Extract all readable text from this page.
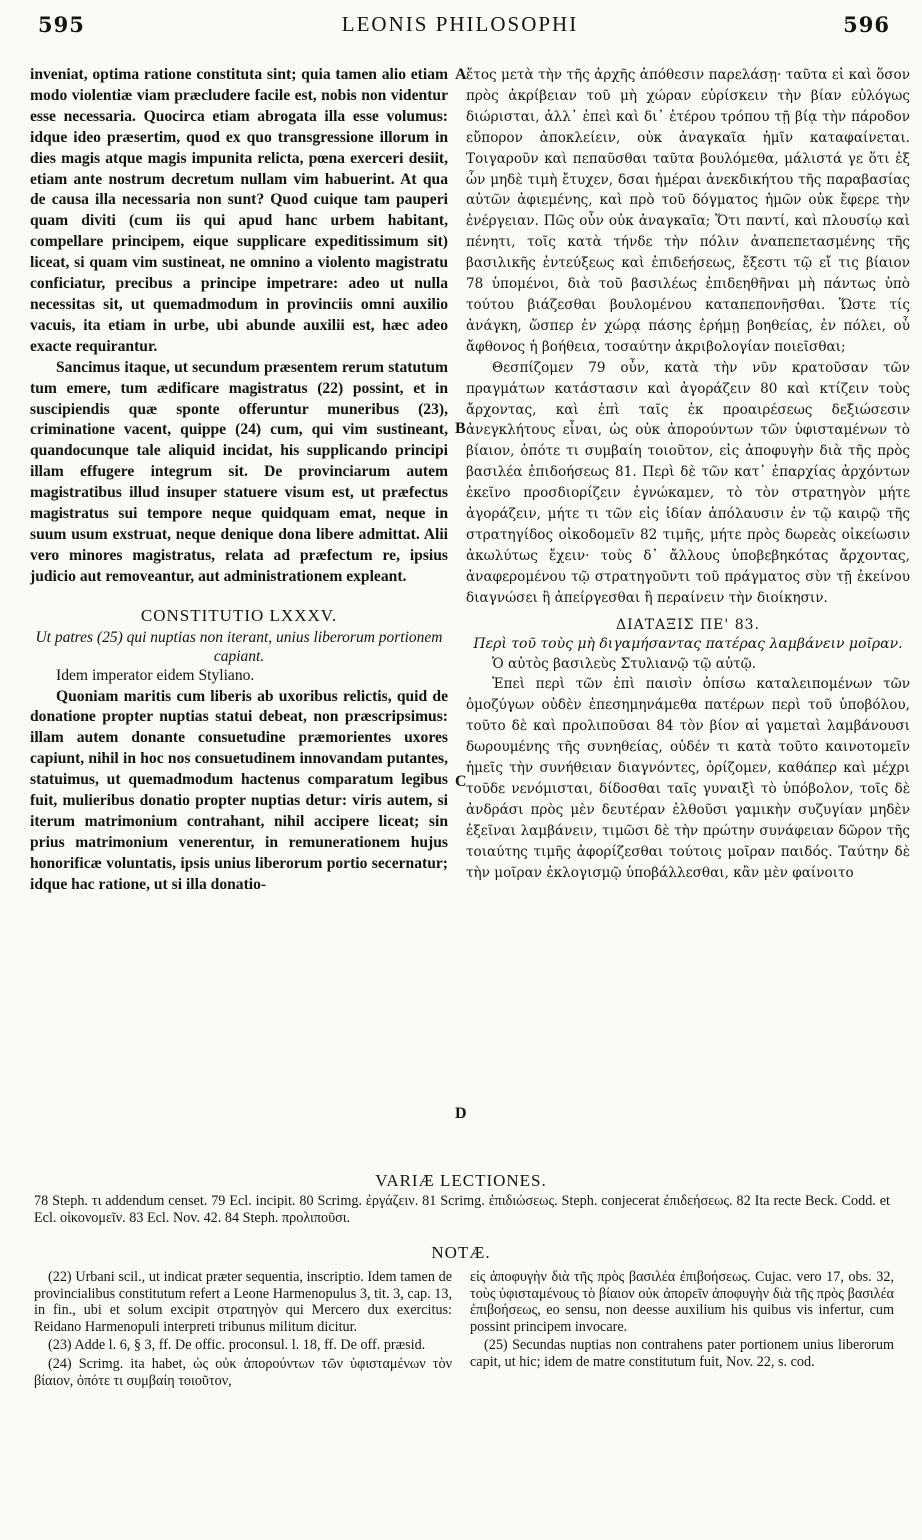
595	LEONIS PHILOSOPHI	596
A
B
C
D

inveniat, optima ratione constituta sint; quia tamen alio etiam modo violentiæ viam præcludere facile est, nobis non videntur esse necessaria. Quocirca etiam abrogata illa esse volumus: idque ideo præsertim, quod ex quo transgressione illorum in dies magis atque magis impunita relicta, pœna exerceri desiit, etiam ante nostrum decretum nullam vim habuerint. At qua de causa illa necessaria non sunt? Quod cuique tam pauperi quam diviti (cum iis qui apud hanc urbem habitant, compellare principem, eique supplicare expeditissimum sit) liceat, si quam vim sustineat, ne omnino a violento magistratu conficiatur, precibus a principe impetrare: adeo ut nulla necessitas sit, ut quemadmodum in provinciis omni auxilio vacuis, ita etiam in urbe, ubi abunde auxilii est, hæc adeo exacte requirantur.

Sancimus itaque, ut secundum præsentem rerum statutum tum emere, tum ædificare magistratus (22) possint, et in suscipiendis quæ sponte offeruntur muneribus (23), criminatione vacent, quippe (24) cum, qui vim sustineant, quandocunque tale aliquid incidat, his supplicando principi illam effugere integrum sit. De provinciarum autem magistratibus illud insuper statuere visum est, ut præfectus magistratus sui tempore neque quidquam emat, neque in suum usum exstruat, neque denique dona libere admittat. Alii vero minores magistratus, relata ad præfectum re, ipsius judicio aut removeantur, aut administrationem expleant.

CONSTITUTIO LXXXV.
Ut patres (25) qui nuptias non iterant, unius liberorum portionem capiant.

Idem imperator eidem Styliano.

Quoniam maritis cum liberis ab uxoribus relictis, quid de donatione propter nuptias statui debeat, non præscripsimus: illam autem donante consuetudine præmorientes uxores capiunt, nihil in hoc nos consuetudinem innovandam putantes, statuimus, ut quemadmodum hactenus comparatum legibus fuit, mulieribus donatio propter nuptias detur: viris autem, si iterum matrimonium contrahant, nihil accipere liceat; sin prius matrimonium venerentur, in remunerationem hujus honorificæ voluntatis, ipsis unius liberorum portio secernatur; idque hac ratione, ut si illa donatio-

ἔτος μετὰ τὴν τῆς ἀρχῆς ἀπόθεσιν παρελάσῃ· ταῦτα εἰ καὶ ὅσον πρὸς ἀκρίβειαν τοῦ μὴ χώραν εὑρίσκειν τὴν βίαν εὐλόγως διώρισται, ἀλλ᾽ ἐπεὶ καὶ δι᾽ ἑτέρου τρόπου τῇ βίᾳ τὴν πάροδον εὔπορον ἀποκλείειν, οὐκ ἀναγκαῖα ἡμῖν καταφαίνεται. Τοιγαροῦν καὶ πεπαῦσθαι ταῦτα βουλόμεθα, μάλιστά γε ὅτι ἐξ ὧν μηδὲ τιμὴ ἔτυχεν, δσαι ἡμέραι ἀνεκδικήτου τῆς παραβασίας αὐτῶν ἀφιεμένης, καὶ πρὸ τοῦ δόγματος ἡμῶν οὐκ ἔφερε τὴν ἐνέργειαν. Πῶς οὖν οὐκ ἀναγκαῖα; Ὅτι παντί, καὶ πλουσίῳ καὶ πένητι, τοῖς κατὰ τήνδε τὴν πόλιν ἀναπεπετασμένης τῆς βασιλικῆς ἐντεύξεως καὶ ἐπιδεήσεως, ἔξεστι τῷ εἴ τις βίαιον 78 ὑπομένοι, διὰ τοῦ βασιλέως ἐπιδεηθῆναι μὴ πάντως ὑπὸ τούτου βιάζεσθαι βουλομένου καταπεπονῆσθαι. Ὥστε τίς ἀνάγκη, ὥσπερ ἐν χώρᾳ πάσης ἐρήμῃ βοηθείας, ἐν πόλει, οὗ ἄφθονος ἡ βοήθεια, τοσαύτην ἀκριβολογίαν ποιεῖσθαι;

Θεσπίζομεν 79 οὖν, κατὰ τὴν νῦν κρατοῦσαν τῶν πραγμάτων κατάστασιν καὶ ἀγοράζειν 80 καὶ κτίζειν τοὺς ἄρχοντας, καὶ ἐπὶ ταῖς ἐκ προαιρέσεως δεξιώσεσιν ἀνεγκλήτους εἶναι, ὡς οὐκ ἀπορούντων τῶν ὑφισταμένων τὸ βίαιον, ὁπότε τι συμβαίη τοιοῦτον, εἰς ἀποφυγὴν διὰ τῆς πρὸς βασιλέα ἐπιδοήσεως 81. Περὶ δὲ τῶν κατ᾽ ἐπαρχίας ἀρχόντων ἐκεῖνο προσδιορίζειν ἐγνώκαμεν, τὸ τὸν στρατηγὸν μήτε ἀγοράζειν, μήτε τι τῶν εἰς ἰδίαν ἀπόλαυσιν ἐν τῷ καιρῷ τῆς στρατηγίδος οἰκοδομεῖν 82 τιμῆς, μήτε πρὸς δωρεὰς οἰκείωσιν ἀκωλύτως ἔχειν· τοὺς δ᾽ ἄλλους ὑποβεβηκότας ἄρχοντας, ἀναφερομένου τῷ στρατηγοῦντι τοῦ πράγματος σὺν τῇ ἐκείνου διαγνώσει ἢ ἀπείργεσθαι ἢ περαίνειν τὴν διοίκησιν.

ΔΙΑΤΑΞΙΣ ΠΕ' 83.
Περὶ τοῦ τοὺς μὴ διγαμήσαντας πατέρας λαμβάνειν μοῖραν.

Ὁ αὐτὸς βασιλεὺς Στυλιανῷ τῷ αὐτῷ.

Ἐπεὶ περὶ τῶν ἐπὶ παισὶν ὀπίσω καταλειπομένων τῶν ὁμοζύγων οὐδὲν ἐπεσημηνάμεθα πατέρων περὶ τοῦ ὑποβόλου, τοῦτο δὲ καὶ προλιποῦσαι 84 τὸν βίον αἱ γαμεταὶ λαμβάνουσι δωρουμένης τῆς συνηθείας, οὐδέν τι κατὰ τοῦτο καινοτομεῖν ἡμεῖς τὴν συνήθειαν διαγνόντες, ὁρίζομεν, καθάπερ καὶ μέχρι τοῦδε νενόμισται, δίδοσθαι ταῖς γυναιξὶ τὸ ὑπόβολον, τοῖς δὲ ἀνδράσι πρὸς μὲν δευτέραν ἐλθοῦσι γαμικὴν συζυγίαν μηδὲν ἐξεῖναι λαμβάνειν, τιμῶσι δὲ τὴν πρώτην συνάφειαν δῶρον τῆς τοιαύτης τιμῆς ἀφορίζεσθαι τούτοις μοῖραν παιδός. Ταύτην δὲ τὴν μοῖραν ἐκλογισμῷ ὑποβάλλεσθαι, κἂν μὲν φαίνοιτο

VARIÆ LECTIONES.
78 Steph. τι addendum censet. 79 Ecl. incipit. 80 Scrimg. ἐργάζειν. 81 Scrimg. ἐπιδιώσεως. Steph. conjecerat ἐπιδεήσεως. 82 Ita recte Beck. Codd. et Ecl. οἰκονομεῖν. 83 Ecl. Nov. 42. 84 Steph. προλιποῦσι.
NOTÆ.

(22) Urbani scil., ut indicat præter sequentia, inscriptio. Idem tamen de provincialibus constitutum refert a Leone Harmenopulus 3, tit. 3, cap. 13, in fin., ubi et solum excipit στρατηγὸν qui Mercero dux exercitus: Reidano Harmenopuli interpreti tribunus militum dicitur.

(23) Adde l. 6, § 3, ff. De offic. proconsul. l. 18, ff. De off. præsid.

(24) Scrimg. ita habet, ὡς οὐκ ἀπορούντων τῶν ὑφισταμένων τὸν βίαιον, ὁπότε τι συμβαίη τοιοῦτον,

εἰς ἀποφυγὴν διὰ τῆς πρὸς βασιλέα ἐπιβοήσεως. Cujac. vero 17, obs. 32, τοὺς ὑφισταμένους τὸ βίαιον οὐκ ἀπορεῖν ἀποφυγὴν διὰ τῆς πρὸς βασιλέα ἐπιβοήσεως, eo sensu, non deesse auxilium his quibus vis infertur, cum possint principem invocare.

(25) Secundas nuptias non contrahens pater portionem unius liberorum capit, ut hic; idem de matre constitutum fuit, Nov. 22, s. cod.
